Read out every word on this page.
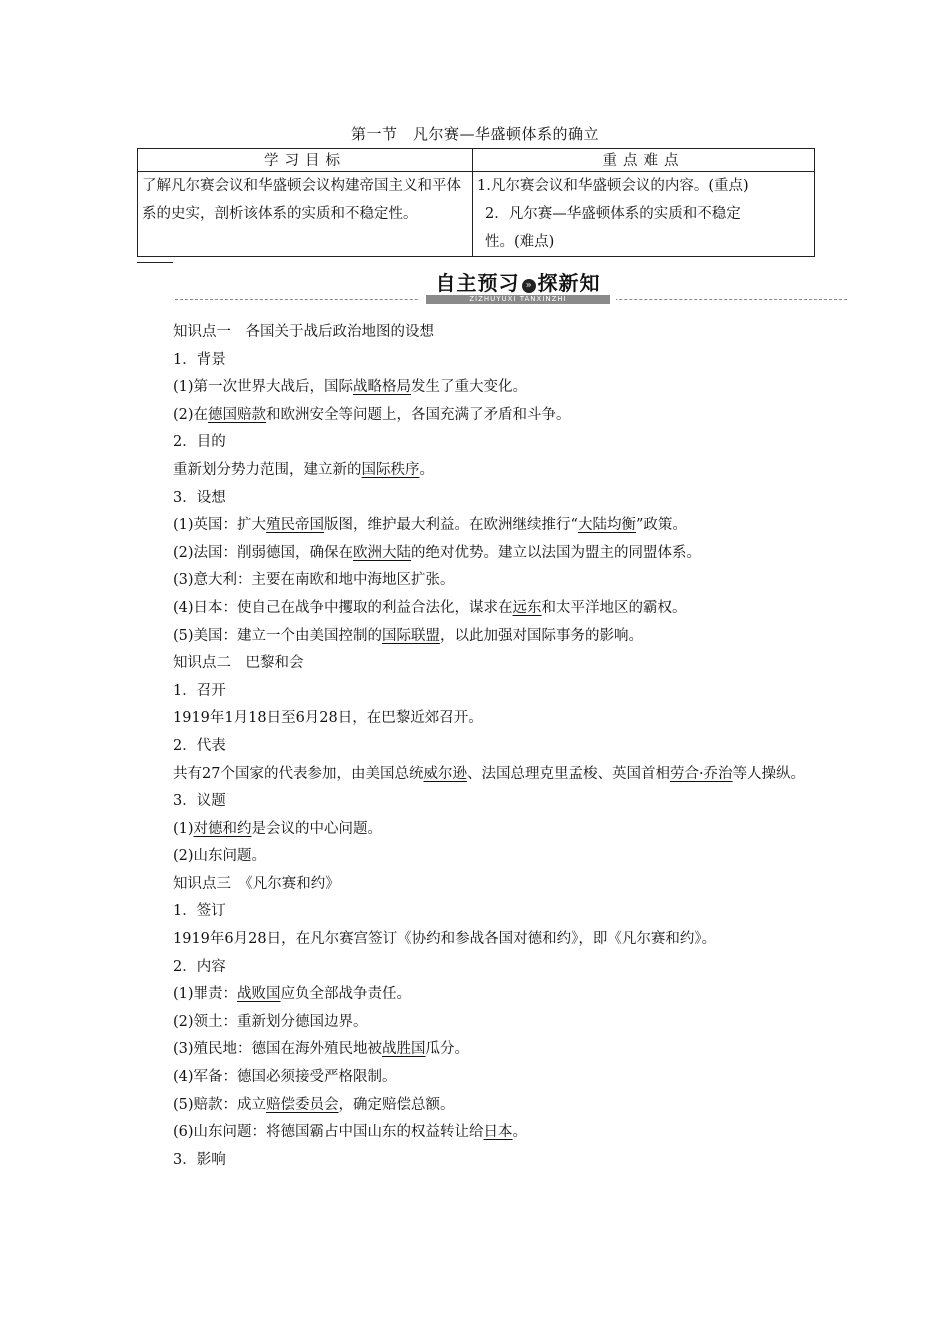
第一节　凡尔赛—华盛顿体系的确立
学习目标	重点难点
了解凡尔赛会议和华盛顿会议构建帝国主义和平体系的史实，剖析该体系的实质和不稳定性。	1.凡尔赛会议和华盛顿会议的内容。(重点)
2．凡尔赛—华盛顿体系的实质和不稳定
性。(难点)
自主预习 » 探新知
ZIZHUYUXI TANXINZHI

知识点一　各国关于战后政治地图的设想

1．背景

(1)第一次世界大战后，国际战略格局发生了重大变化。

(2)在德国赔款和欧洲安全等问题上，各国充满了矛盾和斗争。

2．目的

重新划分势力范围，建立新的国际秩序。

3．设想

(1)英国：扩大殖民帝国版图，维护最大利益。在欧洲继续推行“大陆均衡”政策。

(2)法国：削弱德国，确保在欧洲大陆的绝对优势。建立以法国为盟主的同盟体系。

(3)意大利：主要在南欧和地中海地区扩张。

(4)日本：使自己在战争中攫取的利益合法化，谋求在远东和太平洋地区的霸权。

(5)美国：建立一个由美国控制的国际联盟，以此加强对国际事务的影响。

知识点二　巴黎和会

1．召开

1919年1月18日至6月28日，在巴黎近郊召开。

2．代表

共有27个国家的代表参加，由美国总统威尔逊、法国总理克里孟梭、英国首相劳合·乔治等人操纵。

3．议题

(1)对德和约是会议的中心问题。

(2)山东问题。

知识点三　《凡尔赛和约》

1．签订

1919年6月28日，在凡尔赛宫签订《协约和参战各国对德和约》，即《凡尔赛和约》。

2．内容

(1)罪责：战败国应负全部战争责任。

(2)领土：重新划分德国边界。

(3)殖民地：德国在海外殖民地被战胜国瓜分。

(4)军备：德国必须接受严格限制。

(5)赔款：成立赔偿委员会，确定赔偿总额。

(6)山东问题：将德国霸占中国山东的权益转让给日本。

3．影响
